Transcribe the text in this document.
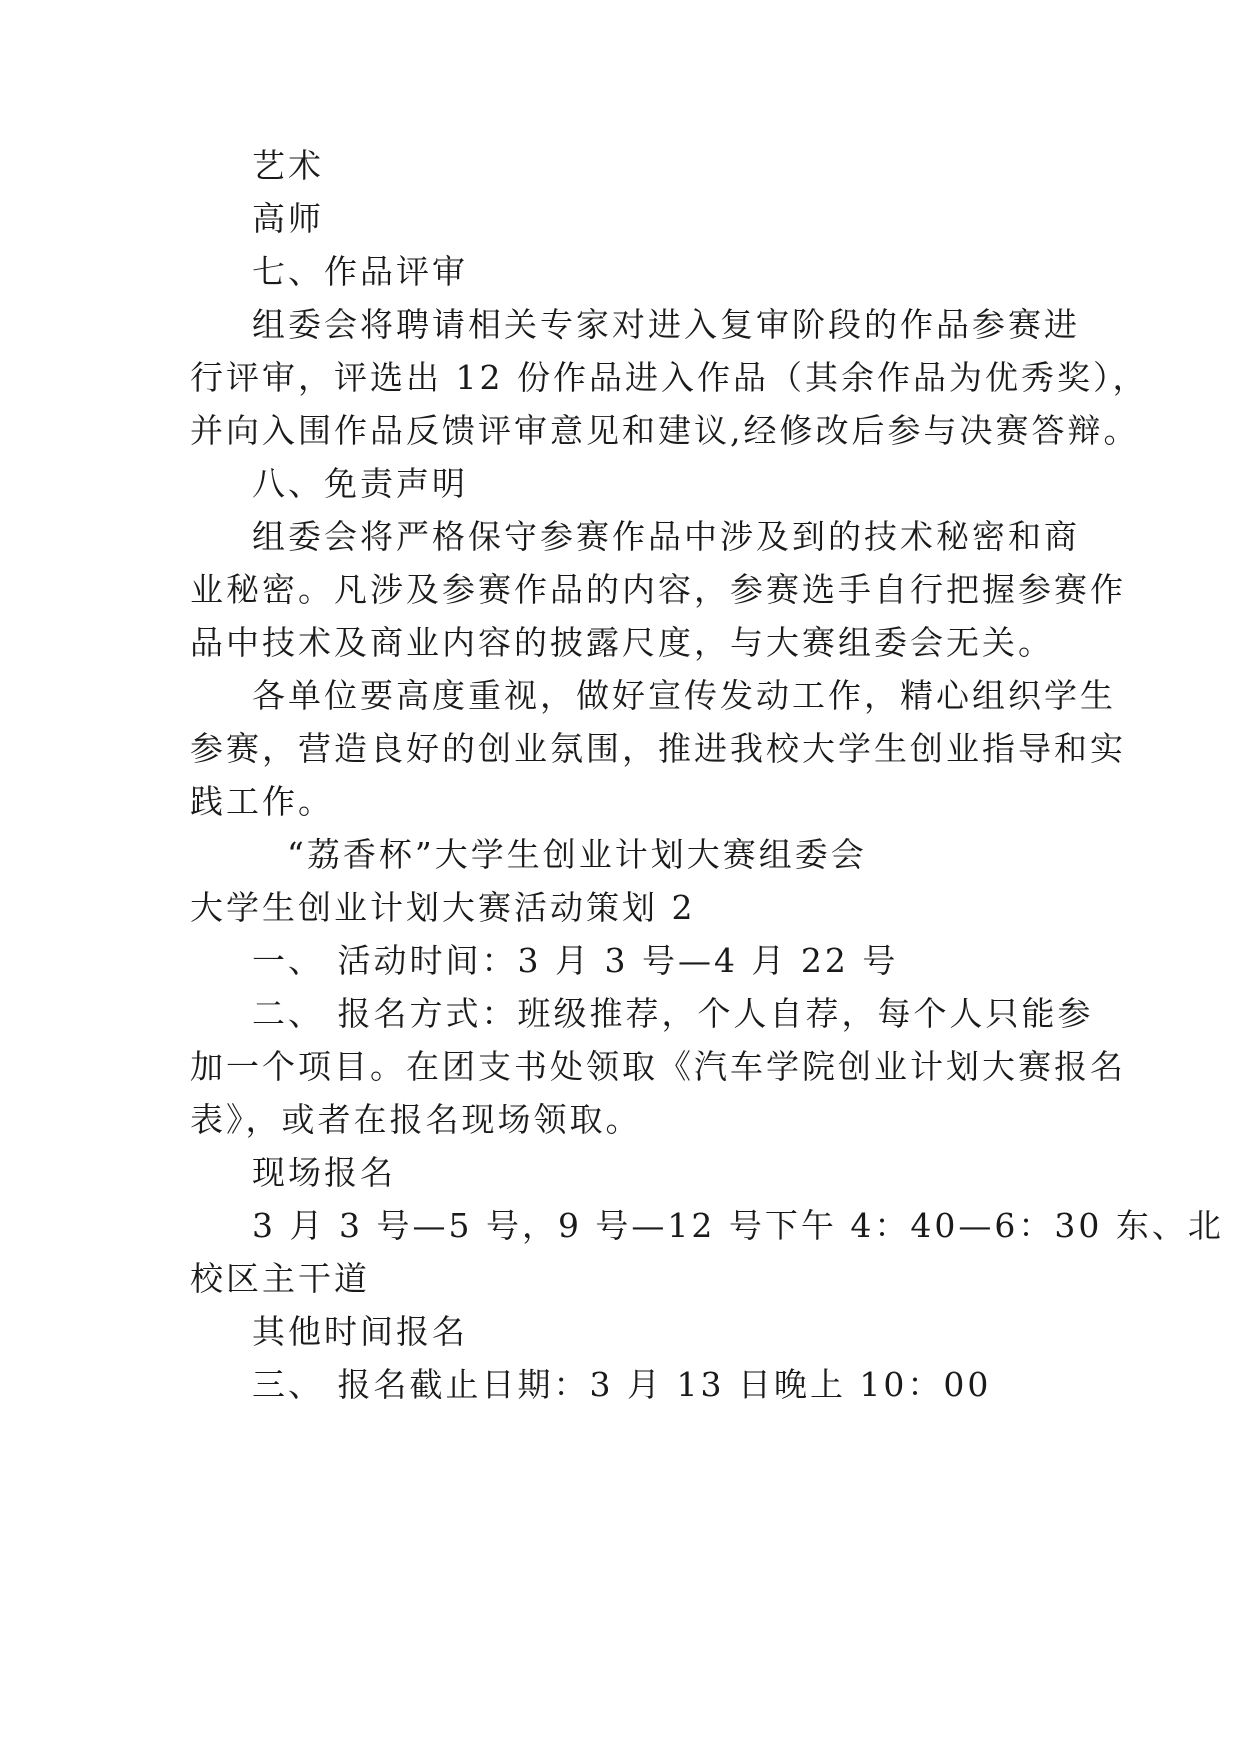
艺术
高师
七、作品评审
组委会将聘请相关专家对进入复审阶段的作品参赛进
行评审，评选出 12 份作品进入作品（其余作品为优秀奖），
并向入围作品反馈评审意见和建议,经修改后参与决赛答辩。
八、免责声明
组委会将严格保守参赛作品中涉及到的技术秘密和商
业秘密。凡涉及参赛作品的内容，参赛选手自行把握参赛作
品中技术及商业内容的披露尺度，与大赛组委会无关。
各单位要高度重视，做好宣传发动工作，精心组织学生
参赛，营造良好的创业氛围，推进我校大学生创业指导和实
践工作。
“荔香杯”大学生创业计划大赛组委会
大学生创业计划大赛活动策划 2
一、 活动时间：3 月 3 号—4 月 22 号
二、 报名方式：班级推荐，个人自荐，每个人只能参
加一个项目。在团支书处领取《汽车学院创业计划大赛报名
表》，或者在报名现场领取。
现场报名
3 月 3 号—5 号，9 号—12 号下午 4：40—6：30 东、北
校区主干道
其他时间报名
三、 报名截止日期：3 月 13 日晚上 10：00
